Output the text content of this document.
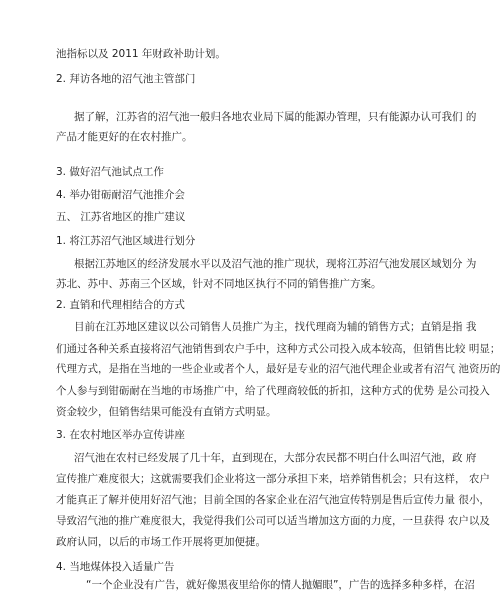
池指标以及 2011 年财政补助计划。
2. 拜访各地的沼气池主管部门
据了解，江苏省的沼气池一般归各地农业局下属的能源办管理，只有能源办认可我们 的
产品才能更好的在农村推广。
3. 做好沼气池试点工作
4. 举办钳砺耐沼气池推介会
五、 江苏省地区的推广建议
1. 将江苏沼气池区域进行划分
根据江苏地区的经济发展水平以及沼气池的推广现状，现将江苏沼气池发展区域划分 为
苏北、苏中、苏南三个区域，针对不同地区执行不同的销售推广方案。
2. 直销和代理相结合的方式
目前在江苏地区建议以公司销售人员推广为主，找代理商为辅的销售方式；直销是指 我
们通过各种关系直接将沼气池销售到农户手中，这种方式公司投入成本较高，但销售比较 明显；
代理方式，是指在当地的一些企业或者个人，最好是专业的沼气池代理企业或者有沼气 池资历的
个人参与到钳砺耐在当地的市场推广中，给了代理商较低的折扣，这种方式的优势 是公司投入
资金较少，但销售结果可能没有直销方式明显。
3. 在农村地区举办宣传讲座
沼气池在农村已经发展了几十年，直到现在，大部分农民都不明白什么叫沼气池，政 府
宣传推广难度很大；这就需要我们企业将这一部分承担下来，培养销售机会；只有这样， 农户
才能真正了解并使用好沼气池；目前全国的各家企业在沼气池宣传特别是售后宣传力量 很小，
导致沼气池的推广难度很大，我觉得我们公司可以适当增加这方面的力度，一旦获得 农户以及
政府认同，以后的市场工作开展将更加便捷。
4. 当地煤体投入适量广告
“一个企业没有广告，就好像黑夜里给你的情人抛媚眼”，广告的选择多种多样，在沼
